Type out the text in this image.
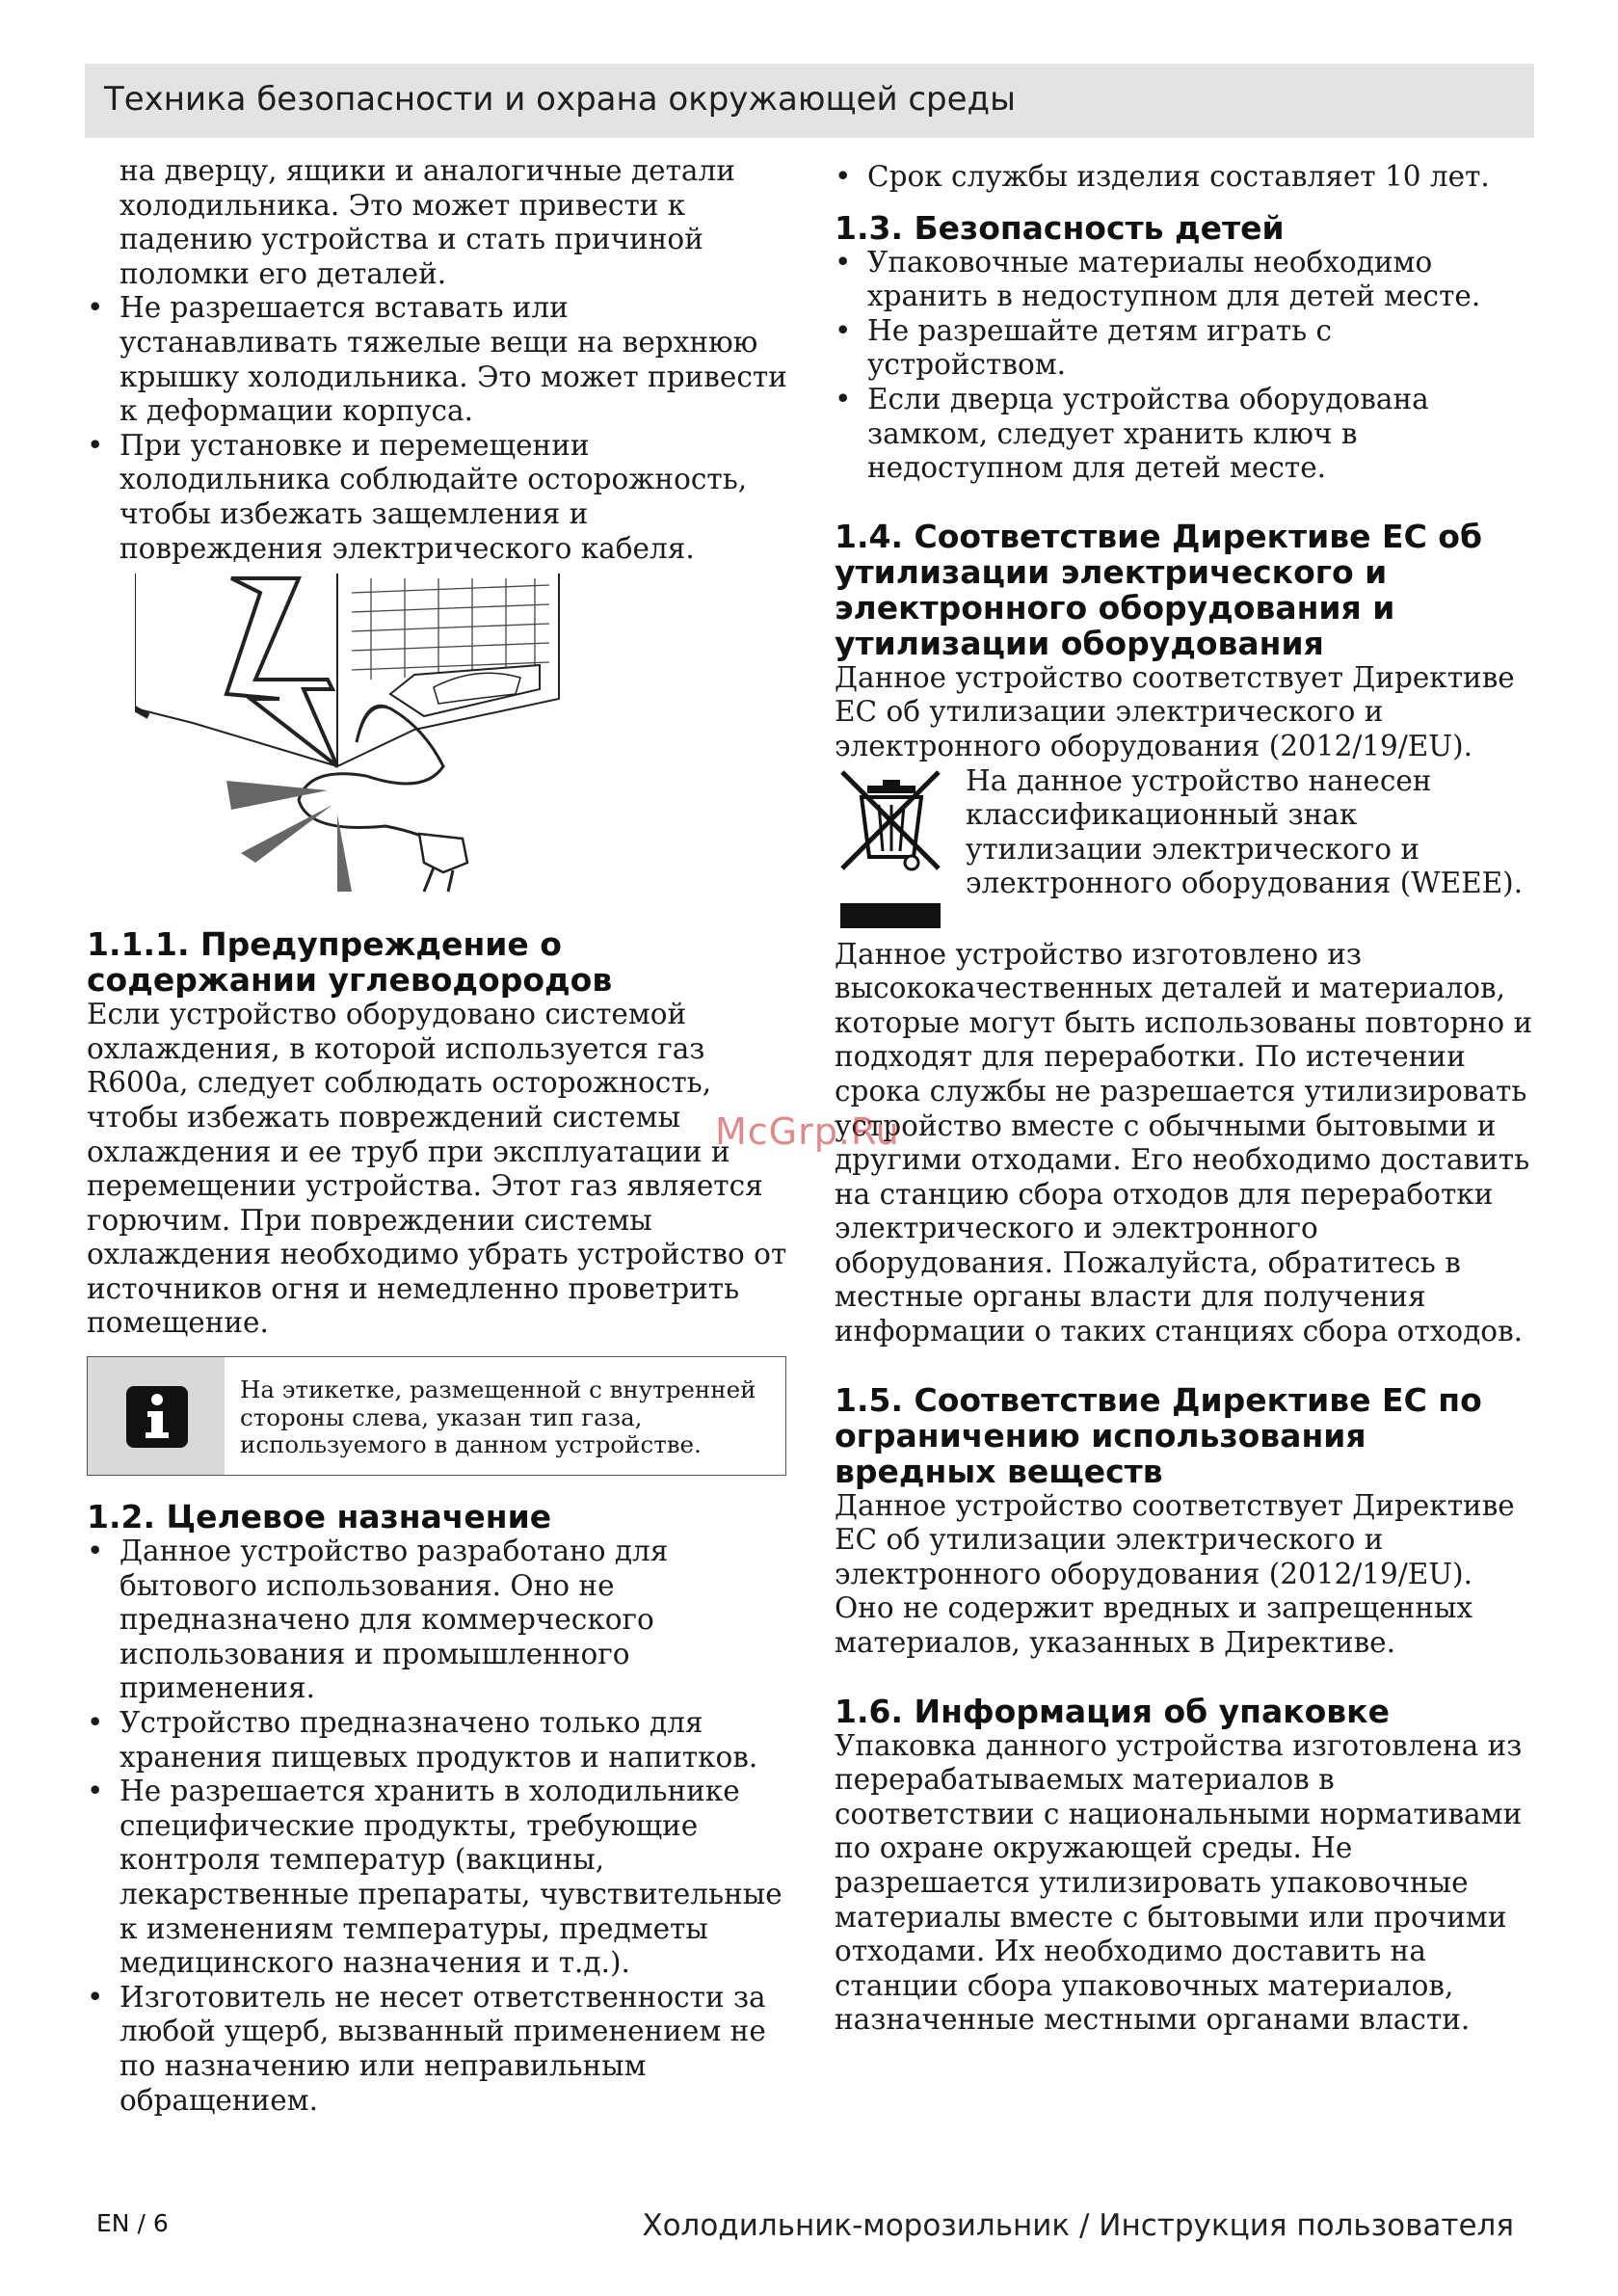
Техника безопасности и охрана окружающей среды

на дверцу, ящики и аналогичные детали холодильника. Это может привести к падению устройства и стать причиной поломки его деталей.

• Не разрешается вставать или устанавливать тяжелые вещи на верхнюю крышку холодильника. Это может привести к деформации корпуса.

• При установке и перемещении холодильника соблюдайте осторожность, чтобы избежать защемления и повреждения электрического кабеля.

1.1.1. Предупреждение о содержании углеводородов

Если устройство оборудовано системой охлаждения, в которой используется газ R600a, следует соблюдать осторожность, чтобы избежать повреждений системы охлаждения и ее труб при эксплуатации и перемещении устройства. Этот газ является горючим. При повреждении системы охлаждения необходимо убрать устройство от источников огня и немедленно проветрить помещение.

На этикетке, размещенной с внутренней стороны слева, указан тип газа, используемого в данном устройстве.

1.2. Целевое назначение

• Данное устройство разработано для бытового использования. Оно не предназначено для коммерческого использования и промышленного применения.

• Устройство предназначено только для хранения пищевых продуктов и напитков.

• Не разрешается хранить в холодильнике специфические продукты, требующие контроля температур (вакцины, лекарственные препараты, чувствительные к изменениям температуры, предметы медицинского назначения и т.д.).

• Изготовитель не несет ответственности за любой ущерб, вызванный применением не по назначению или неправильным обращением.

• Срок службы изделия составляет 10 лет.

1.3. Безопасность детей

• Упаковочные материалы необходимо хранить в недоступном для детей месте.

• Не разрешайте детям играть с устройством.

• Если дверца устройства оборудована замком, следует хранить ключ в недоступном для детей месте.

1.4. Соответствие Директиве ЕС об утилизации электрического и электронного оборудования и утилизации оборудования

Данное устройство соответствует Директиве ЕС об утилизации электрического и электронного оборудования (2012/19/EU).

На данное устройство нанесен классификационный знак утилизации электрического и электронного оборудования (WEEE).

Данное устройство изготовлено из высококачественных деталей и материалов, которые могут быть использованы повторно и подходят для переработки. По истечении срока службы не разрешается утилизировать устройство вместе с обычными бытовыми и другими отходами. Его необходимо доставить на станцию сбора отходов для переработки электрического и электронного оборудования. Пожалуйста, обратитесь в местные органы власти для получения информации о таких станциях сбора отходов.

1.5. Соответствие Директиве ЕС по ограничению использования вредных веществ

Данное устройство соответствует Директиве ЕС об утилизации электрического и электронного оборудования (2012/19/EU). Оно не содержит вредных и запрещенных материалов, указанных в Директиве.

1.6. Информация об упаковке

Упаковка данного устройства изготовлена из перерабатываемых материалов в соответствии с национальными нормативами по охране окружающей среды. Не разрешается утилизировать упаковочные материалы вместе с бытовыми или прочими отходами. Их необходимо доставить на станции сбора упаковочных материалов, назначенные местными органами власти.

McGrp.Ru
EN / 6	Холодильник-морозильник / Инструкция пользователя
